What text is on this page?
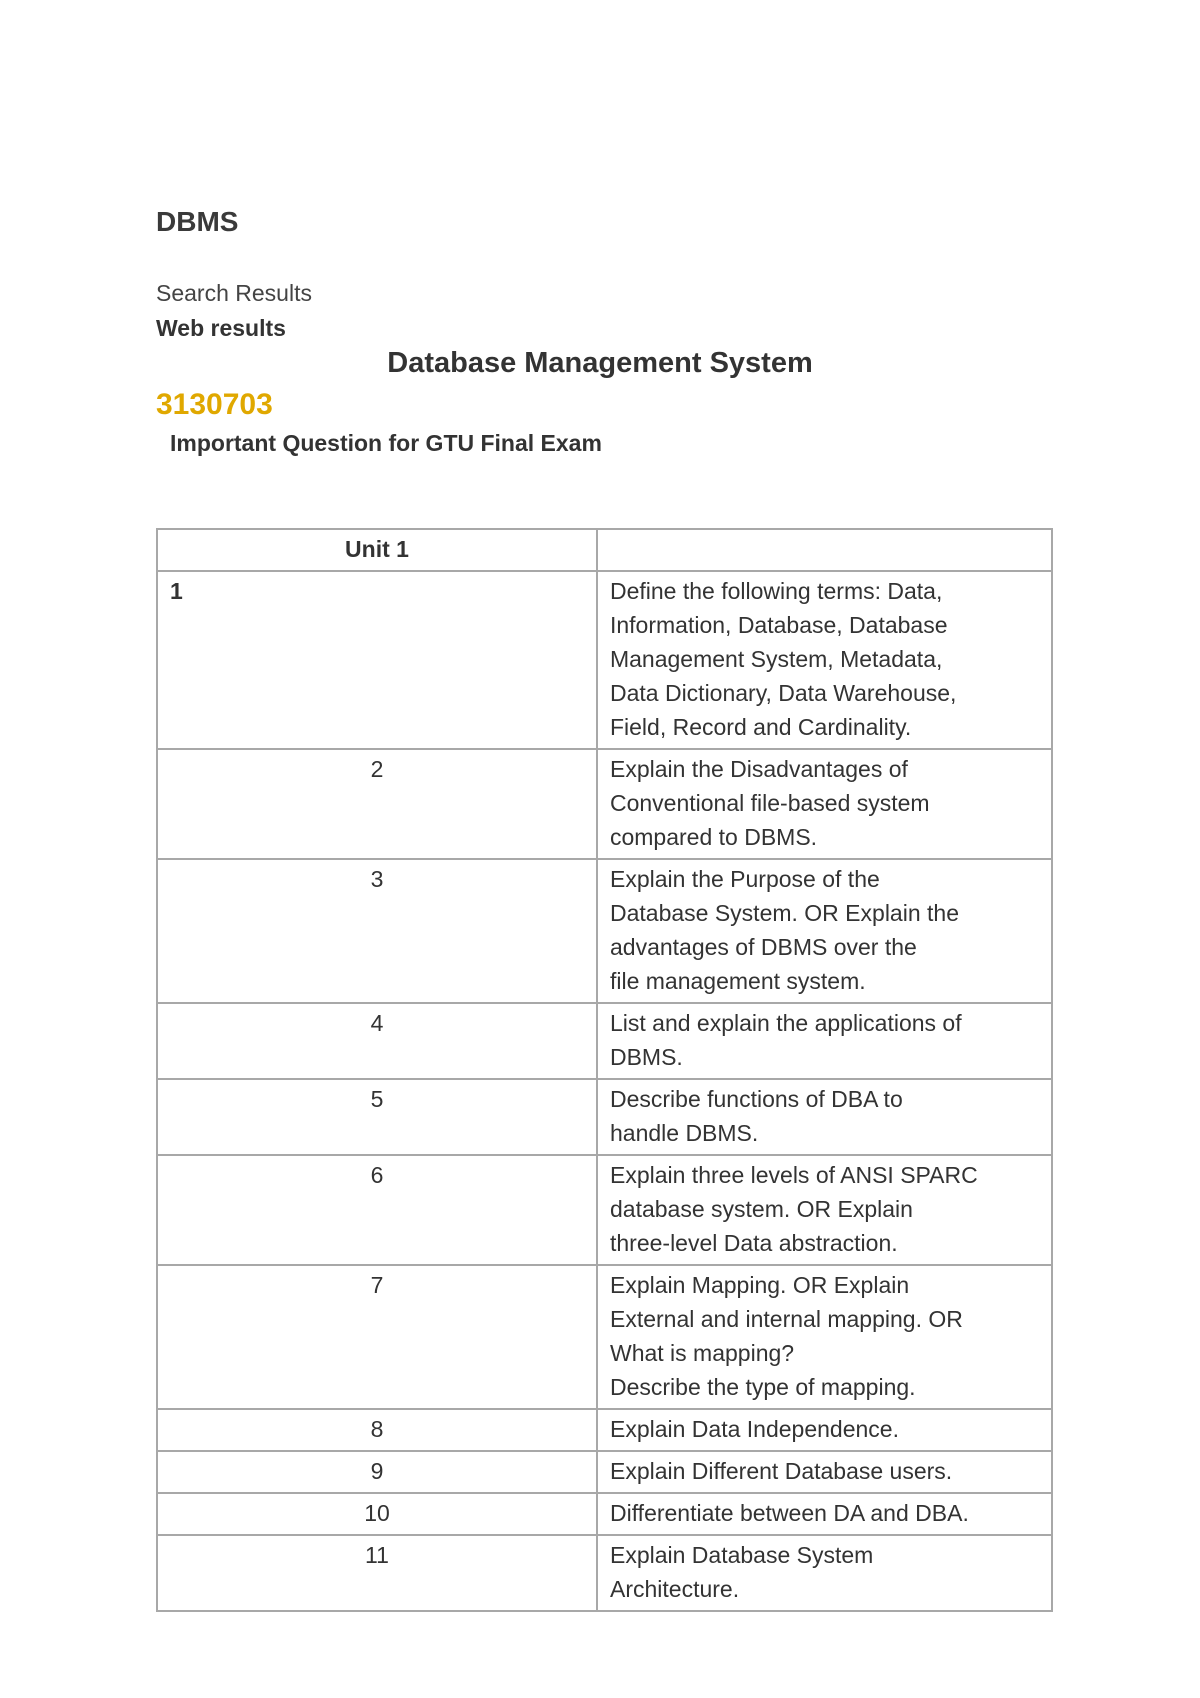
DBMS
Search Results
Web results
Database Management System
3130703
Important Question for GTU Final Exam
Unit 1	
1	Define the following terms: Data,
Information, Database, Database
Management System, Metadata,
Data Dictionary, Data Warehouse,
Field, Record and Cardinality.
2	Explain the Disadvantages of
Conventional file-based system
compared to DBMS.
3	Explain the Purpose of the
Database System. OR Explain the
advantages of DBMS over the
file management system.
4	List and explain the applications of
DBMS.
5	Describe functions of DBA to
handle DBMS.
6	Explain three levels of ANSI SPARC
database system. OR Explain
three-level Data abstraction.
7	Explain Mapping. OR Explain
External and internal mapping. OR
What is mapping?
Describe the type of mapping.
8	Explain Data Independence.
9	Explain Different Database users.
10	Differentiate between DA and DBA.
11	Explain Database System
Architecture.
